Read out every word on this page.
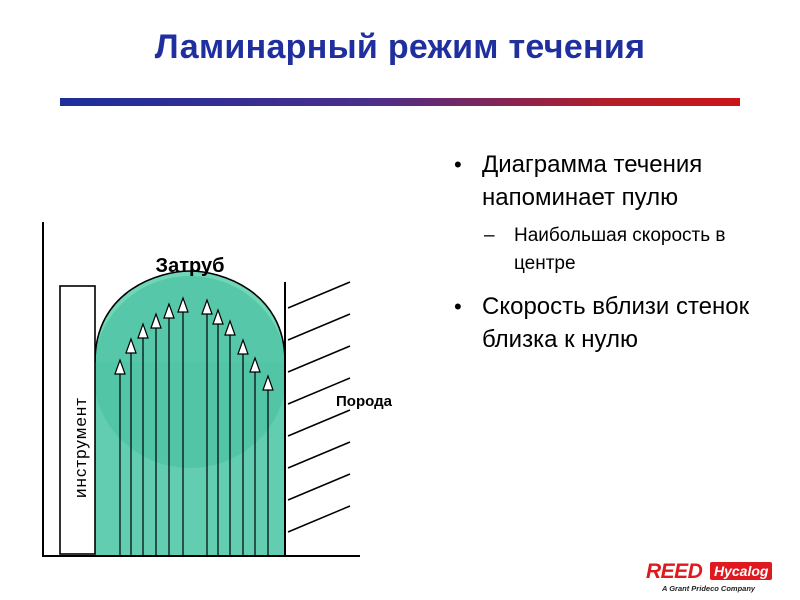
Ламинарный режим течения
инструмент
Затруб
Порода
• Диаграмма течения напоминает пулю
– Наибольшая скорость в центре
• Скорость вблизи стенок близка к нулю
REED Hycalog
A Grant Prideco Company
